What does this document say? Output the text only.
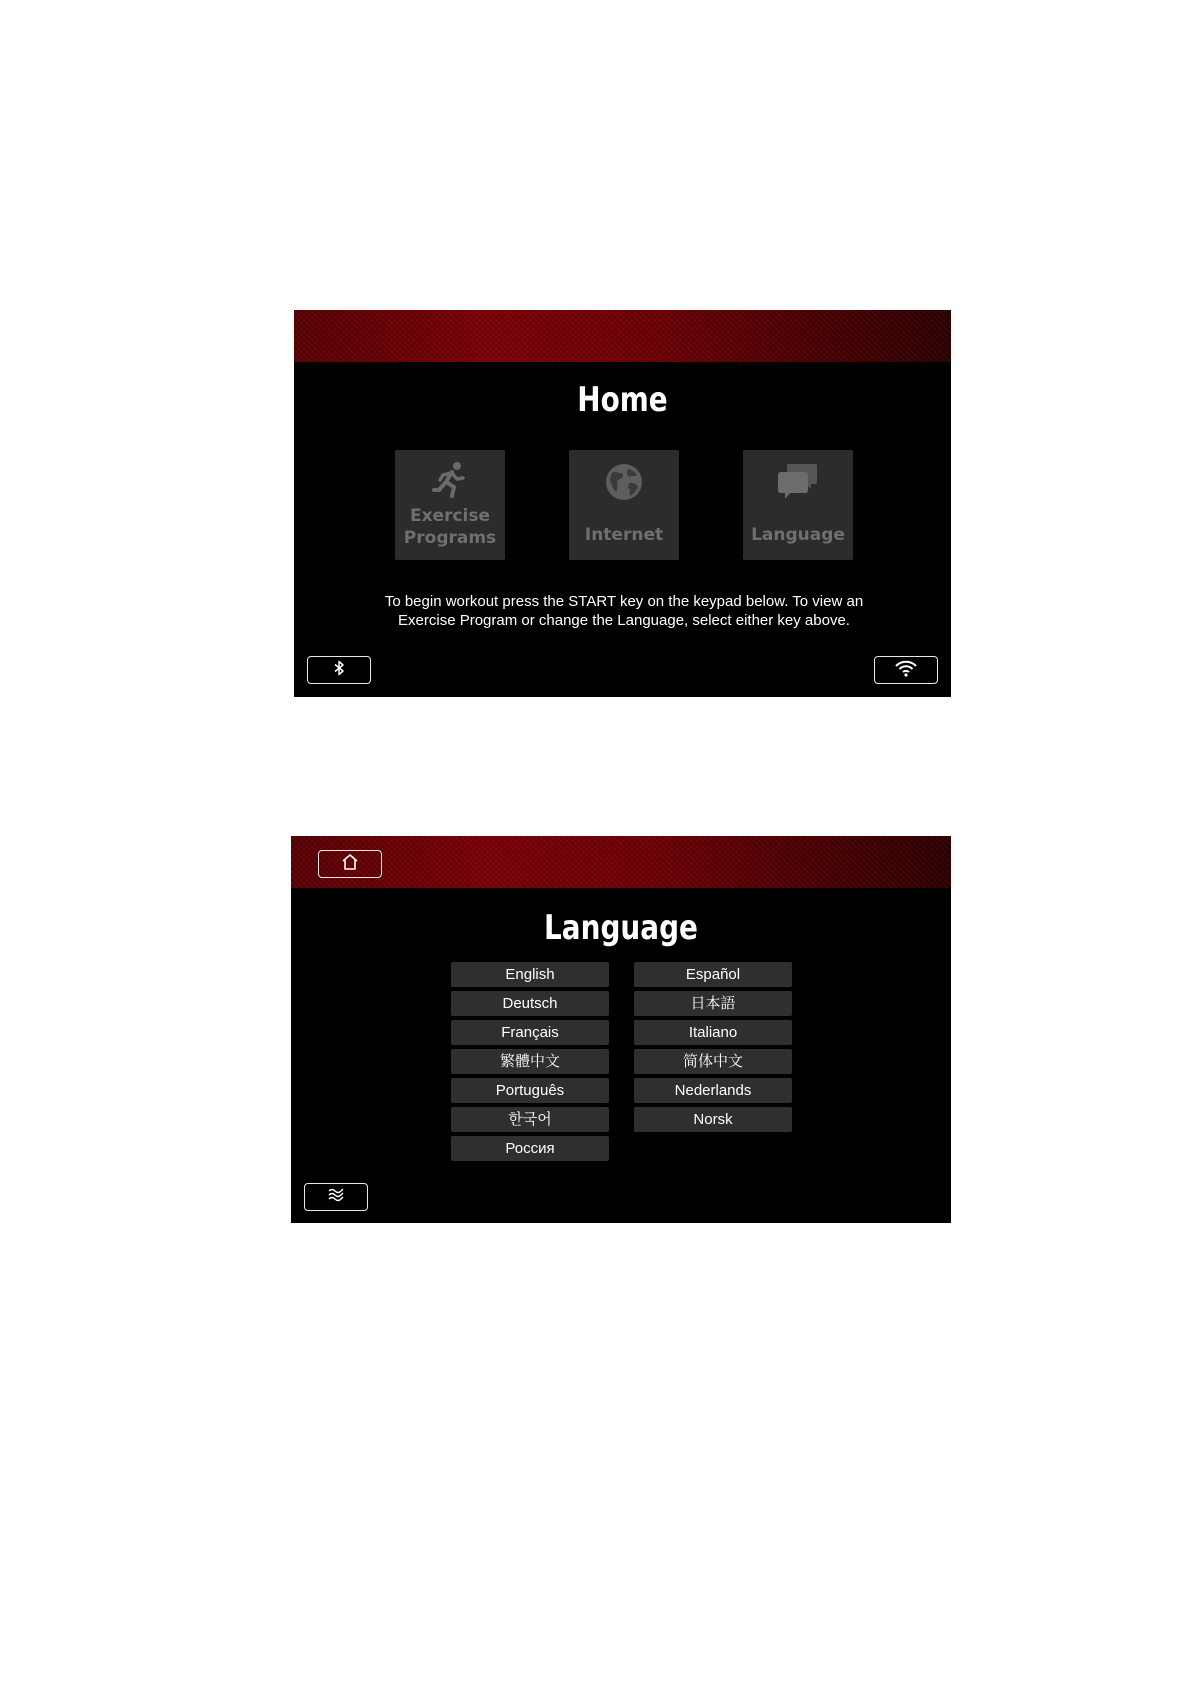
Home
Exercise
Programs	Internet	Language
To begin workout press the START key on the keypad below. To view an Exercise Program or change the Language, select either key above.
Language
English
Deutsch
Français
繁體中文
Português
한국어
Россия
Español
日本語
Italiano
简体中文
Nederlands
Norsk
